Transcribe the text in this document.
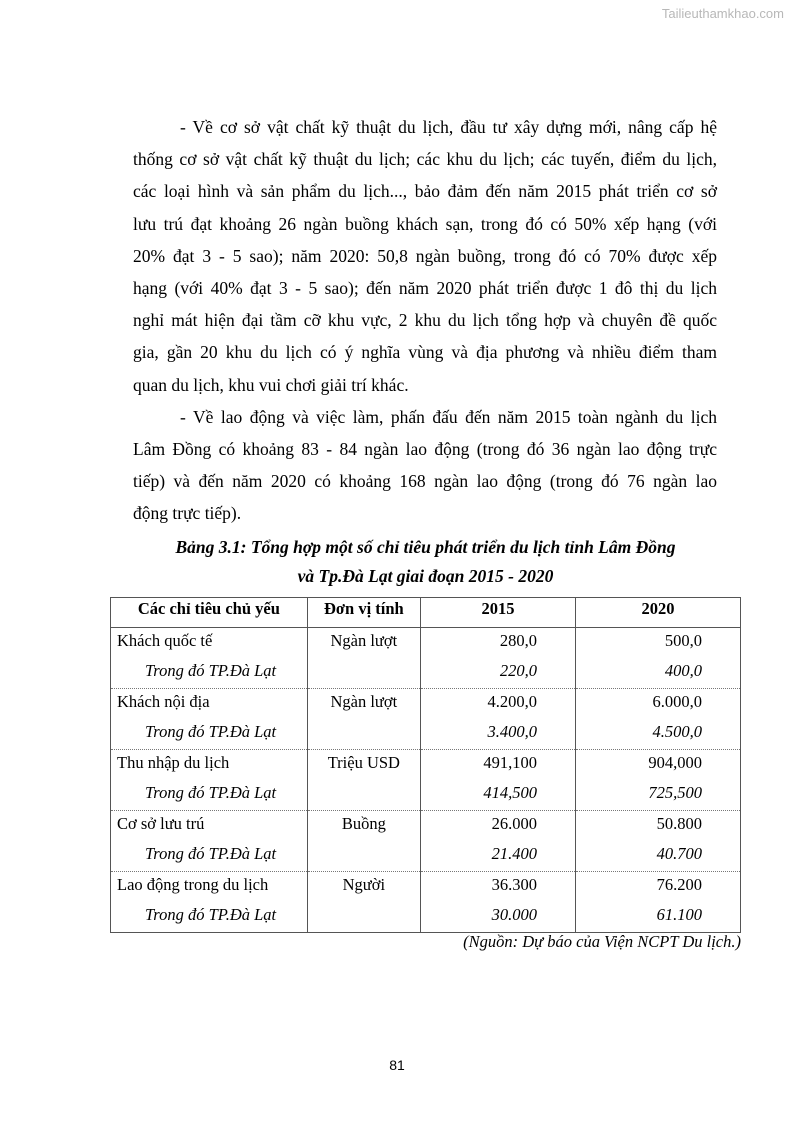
Tailieuthamkhao.com
- Về cơ sở vật chất kỹ thuật du lịch, đầu tư xây dựng mới, nâng cấp hệ
thống cơ sở vật chất kỹ thuật du lịch; các khu du lịch; các tuyến, điểm du lịch,
các loại hình và sản phẩm du lịch..., bảo đảm đến năm 2015 phát triển cơ sở
lưu trú đạt khoảng 26 ngàn buồng khách sạn, trong đó có 50% xếp hạng (với
20% đạt 3 - 5 sao); năm 2020: 50,8 ngàn buồng, trong đó có 70% được xếp
hạng (với 40% đạt 3 - 5 sao); đến năm 2020 phát triển được 1 đô thị du lịch
nghỉ mát hiện đại tầm cỡ khu vực, 2 khu du lịch tổng hợp và chuyên đề quốc
gia, gần 20 khu du lịch có ý nghĩa vùng và địa phương và nhiều điểm tham
quan du lịch, khu vui chơi giải trí khác.
- Về lao động và việc làm, phấn đấu đến năm 2015 toàn ngành du lịch
Lâm Đồng có khoảng 83 - 84 ngàn lao động (trong đó 36 ngàn lao động trực
tiếp) và đến năm 2020 có khoảng 168 ngàn lao động (trong đó 76 ngàn lao
động trực tiếp).
Bảng 3.1: Tổng hợp một số chỉ tiêu phát triển du lịch tỉnh Lâm Đồng
và Tp.Đà Lạt giai đoạn 2015 - 2020
Các chỉ tiêu chủ yếu	Đơn vị tính	2015	2020
Khách quốc tế	Ngàn lượt	280,0	500,0
Trong đó TP.Đà Lạt		220,0	400,0
Khách nội địa	Ngàn lượt	4.200,0	6.000,0
Trong đó TP.Đà Lạt		3.400,0	4.500,0
Thu nhập du lịch	Triệu USD	491,100	904,000
Trong đó TP.Đà Lạt		414,500	725,500
Cơ sở lưu trú	Buồng	26.000	50.800
Trong đó TP.Đà Lạt		21.400	40.700
Lao động trong du lịch	Người	36.300	76.200
Trong đó TP.Đà Lạt		30.000	61.100
(Nguồn: Dự báo của Viện NCPT Du lịch.)
81
